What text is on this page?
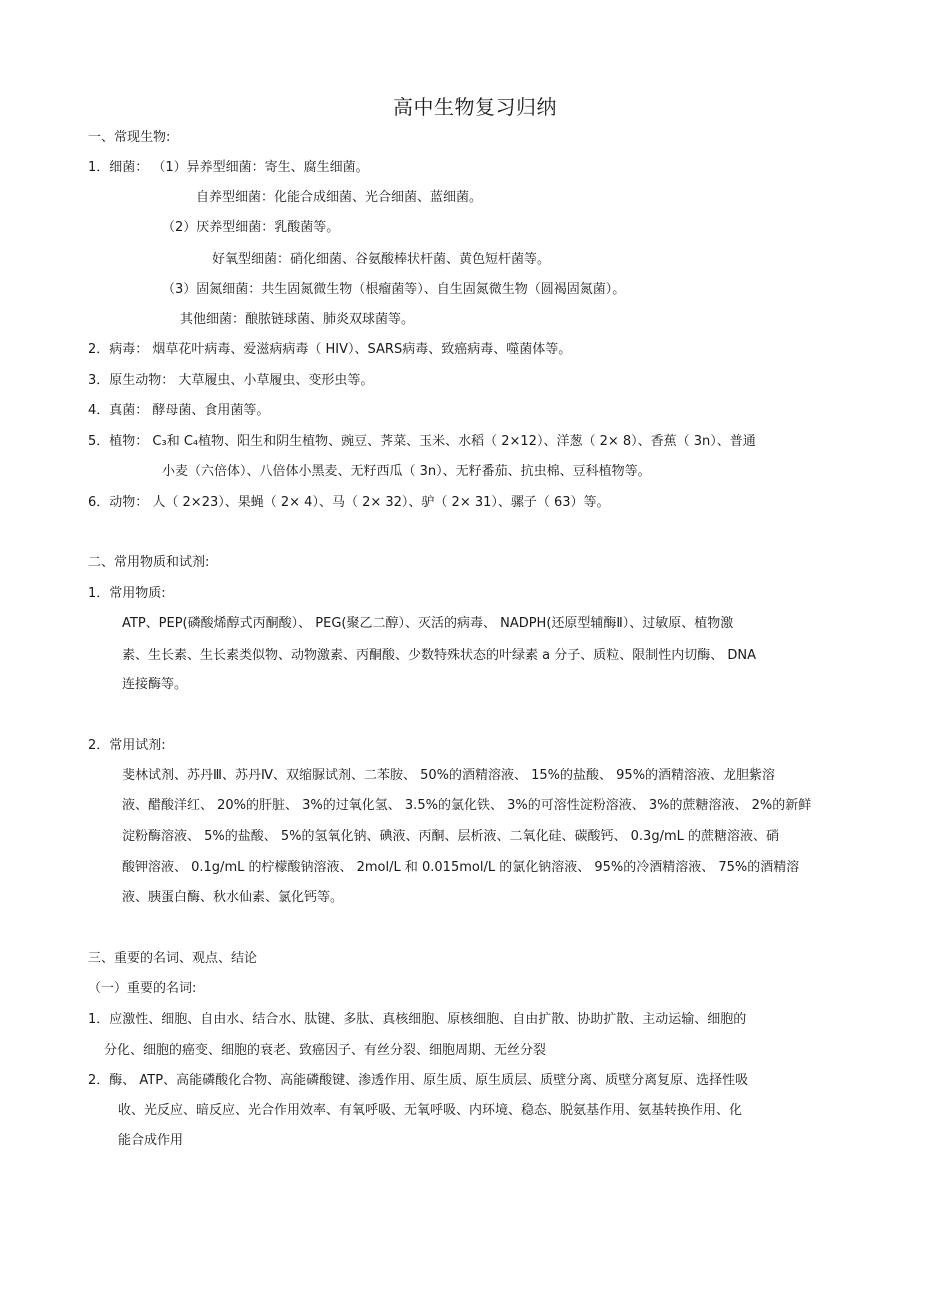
高中生物复习归纳
一、常现生物:
1．细菌： （1）异养型细菌：寄生、腐生细菌。
自养型细菌：化能合成细菌、光合细菌、蓝细菌。
（2）厌养型细菌：乳酸菌等。
好氧型细菌：硝化细菌、谷氨酸棒状杆菌、黄色短杆菌等。
（3）固氮细菌：共生固氮微生物（根瘤菌等）、自生固氮微生物（圆褐固氮菌）。
其他细菌：酿脓链球菌、肺炎双球菌等。
2．病毒： 烟草花叶病毒、爱滋病病毒（ HIV）、SARS病毒、致癌病毒、噬菌体等。
3．原生动物： 大草履虫、小草履虫、变形虫等。
4．真菌： 酵母菌、食用菌等。
5．植物： C₃和 C₄植物、阳生和阴生植物、豌豆、荠菜、玉米、水稻（ 2×12）、洋葱（ 2× 8）、香蕉（ 3n）、普通
小麦（六倍体）、八倍体小黑麦、无籽西瓜（ 3n）、无籽番茄、抗虫棉、豆科植物等。
6．动物： 人（ 2×23）、果蝇（ 2× 4）、马（ 2× 32）、驴（ 2× 31）、骡子（ 63）等。
二、常用物质和试剂:
1．常用物质:
ATP、PEP(磷酸烯醇式丙酮酸）、 PEG(聚乙二醇）、灭活的病毒、 NADPH(还原型辅酶Ⅱ）、过敏原、植物激
素、生长素、生长素类似物、动物激素、丙酮酸、少数特殊状态的叶绿素 a 分子、质粒、限制性内切酶、 DNA
连接酶等。
2．常用试剂:
斐林试剂、苏丹Ⅲ、苏丹Ⅳ、双缩脲试剂、二苯胺、 50%的酒精溶液、 15%的盐酸、 95%的酒精溶液、龙胆紫溶
液、醋酸洋红、 20%的肝脏、 3%的过氧化氢、 3.5%的氯化铁、 3%的可溶性淀粉溶液、 3%的蔗糖溶液、 2%的新鲜
淀粉酶溶液、 5%的盐酸、 5%的氢氧化钠、碘液、丙酮、层析液、二氧化硅、碳酸钙、 0.3g/mL 的蔗糖溶液、硝
酸钾溶液、 0.1g/mL 的柠檬酸钠溶液、 2mol/L 和 0.015mol/L 的氯化钠溶液、 95%的冷酒精溶液、 75%的酒精溶
液、胰蛋白酶、秋水仙素、氯化钙等。
三、重要的名词、观点、结论
（一）重要的名词:
1．应激性、细胞、自由水、结合水、肽键、多肽、真核细胞、原核细胞、自由扩散、协助扩散、主动运输、细胞的
分化、细胞的癌变、细胞的衰老、致癌因子、有丝分裂、细胞周期、无丝分裂
2．酶、 ATP、高能磷酸化合物、高能磷酸键、渗透作用、原生质、原生质层、质壁分离、质壁分离复原、选择性吸
收、光反应、暗反应、光合作用效率、有氧呼吸、无氧呼吸、内环境、稳态、脱氨基作用、氨基转换作用、化
能合成作用
